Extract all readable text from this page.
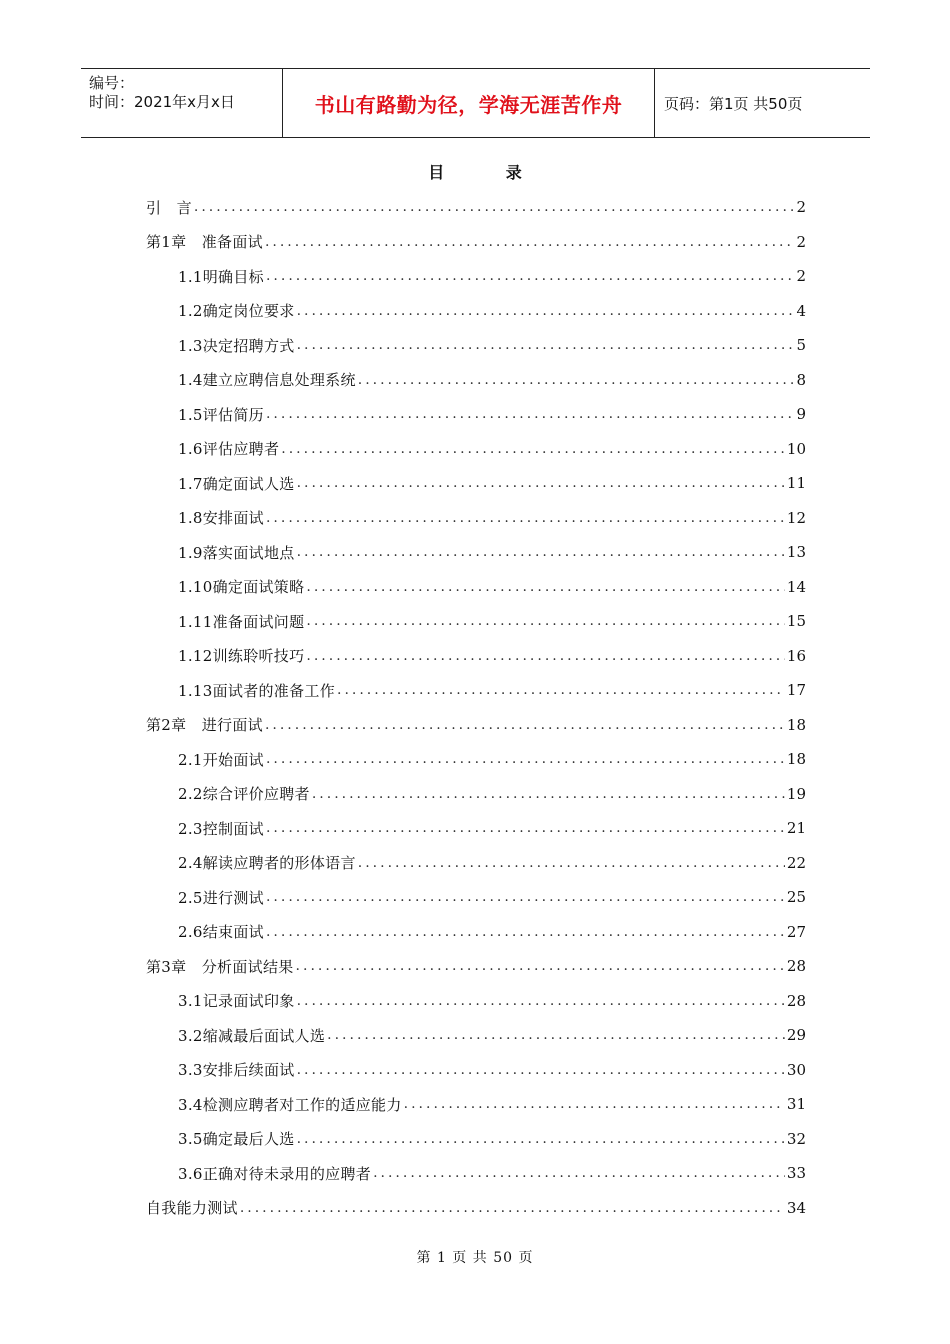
编号：
时间：2021年x月x日	书山有路勤为径，学海无涯苦作舟	页码：第1页 共50页
目 录
引　言 .....	2
第1章　准备面试 .....	2
1.1明确目标 .....	2
1.2确定岗位要求 .....	4
1.3决定招聘方式 .....	5
1.4建立应聘信息处理系统 .....	8
1.5评估简历 .....	9
1.6评估应聘者 .....	10
1.7确定面试人选 .....	11
1.8安排面试 .....	12
1.9落实面试地点 .....	13
1.10确定面试策略 .....	14
1.11准备面试问题 .....	15
1.12训练聆听技巧 .....	16
1.13面试者的准备工作 .....	17
第2章　进行面试 .....	18
2.1开始面试 .....	18
2.2综合评价应聘者 .....	19
2.3控制面试 .....	21
2.4解读应聘者的形体语言 .....	22
2.5进行测试 .....	25
2.6结束面试 .....	27
第3章　分析面试结果 .....	28
3.1记录面试印象 .....	28
3.2缩减最后面试人选 .....	29
3.3安排后续面试 .....	30
3.4检测应聘者对工作的适应能力 .....	31
3.5确定最后人选 .....	32
3.6正确对待未录用的应聘者 .....	33
自我能力测试 .....	34
第 1 页 共 50 页
